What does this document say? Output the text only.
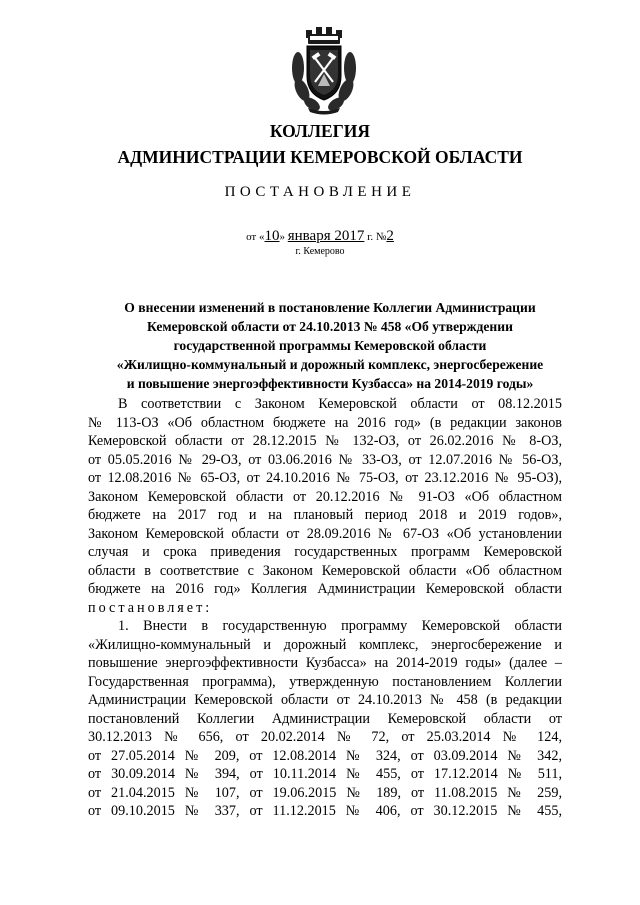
КОЛЛЕГИЯ
АДМИНИСТРАЦИИ КЕМЕРОВСКОЙ ОБЛАСТИ
ПОСТАНОВЛЕНИЕ
от «10» января 2017 г. №2
г. Кемерово
О внесении изменений в постановление Коллегии Администрации
Кемеровской области от 24.10.2013 № 458 «Об утверждении
государственной программы Кемеровской области
«Жилищно-коммунальный и дорожный комплекс, энергосбережение
и повышение энергоэффективности Кузбасса» на 2014-2019 годы»
В соответствии с Законом Кемеровской области от 08.12.2015
№ 113-ОЗ «Об областном бюджете на 2016 год» (в редакции законов
Кемеровской области от 28.12.2015 № 132-ОЗ, от 26.02.2016 № 8-ОЗ,
от 05.05.2016 № 29-ОЗ, от 03.06.2016 № 33-ОЗ, от 12.07.2016 № 56-ОЗ,
от 12.08.2016 № 65-ОЗ, от 24.10.2016 № 75-ОЗ, от 23.12.2016 № 95-ОЗ),
Законом Кемеровской области от 20.12.2016 № 91-ОЗ «Об областном
бюджете на 2017 год и на плановый период 2018 и 2019 годов»,
Законом Кемеровской области от 28.09.2016 № 67-ОЗ «Об установлении
случая и срока приведения государственных программ Кемеровской
области в соответствие с Законом Кемеровской области «Об областном
бюджете на 2016 год» Коллегия Администрации Кемеровской области
постановляет:
1. Внести в государственную программу Кемеровской области
«Жилищно-коммунальный и дорожный комплекс, энергосбережение и
повышение энергоэффективности Кузбасса» на 2014-2019 годы» (далее –
Государственная программа), утвержденную постановлением Коллегии
Администрации Кемеровской области от 24.10.2013 № 458 (в редакции
постановлений Коллегии Администрации Кемеровской области от
30.12.2013 № 656, от 20.02.2014 № 72, от 25.03.2014 № 124,
от 27.05.2014 № 209, от 12.08.2014 № 324, от 03.09.2014 № 342,
от 30.09.2014 № 394, от 10.11.2014 № 455, от 17.12.2014 № 511,
от 21.04.2015 № 107, от 19.06.2015 № 189, от 11.08.2015 № 259,
от 09.10.2015 № 337, от 11.12.2015 № 406, от 30.12.2015 № 455,
